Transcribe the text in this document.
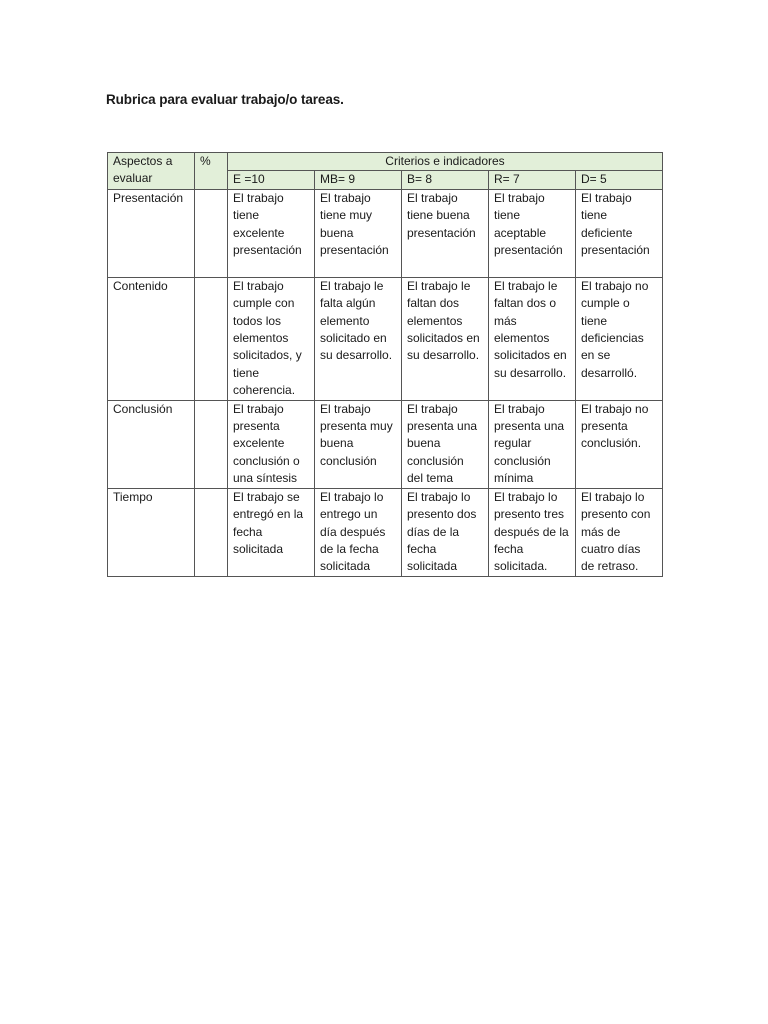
Rubrica para evaluar trabajo/o tareas.
Aspectos a evaluar	%	Criterios e indicadores				
		E =10	MB= 9	B= 8	R= 7	D= 5
Presentación		El trabajo tiene excelente presentación	El trabajo tiene muy buena presentación	El trabajo tiene buena presentación	El trabajo tiene aceptable presentación	El trabajo tiene deficiente presentación
Contenido		El trabajo cumple con todos los elementos solicitados, y tiene coherencia.	El trabajo le falta algún elemento solicitado en su desarrollo.	El trabajo le faltan dos elementos solicitados en su desarrollo.	El trabajo le faltan dos o más elementos solicitados en su desarrollo.	El trabajo no cumple o tiene deficiencias en se desarrolló.
Conclusión		El trabajo presenta excelente conclusión o una síntesis	El trabajo presenta muy buena conclusión	El trabajo presenta una buena conclusión del tema	El trabajo presenta una regular conclusión mínima	El trabajo no presenta conclusión.
Tiempo		El trabajo se entregó en la fecha solicitada	El trabajo lo entrego un día después de la fecha solicitada	El trabajo lo presento dos días de la fecha solicitada	El trabajo lo presento tres después de la fecha solicitada.	El trabajo lo presento con más de cuatro días de retraso.
